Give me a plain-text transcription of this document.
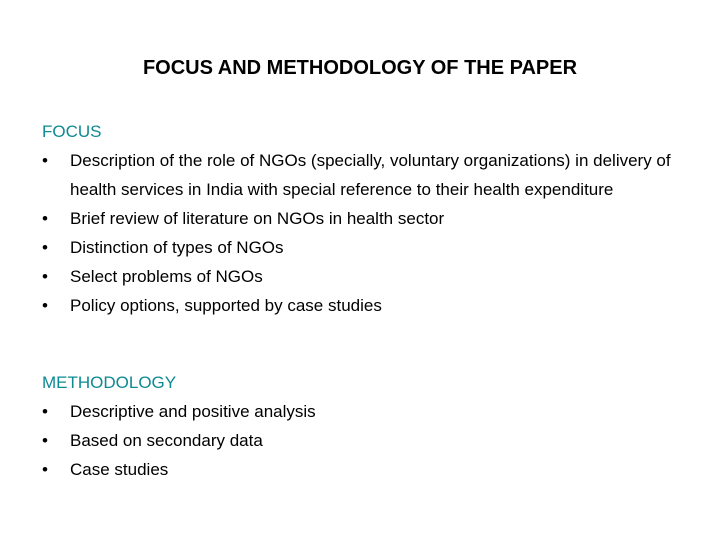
FOCUS AND METHODOLOGY OF THE PAPER
FOCUS
•	Description of the role of NGOs (specially, voluntary organizations) in delivery of health services in India with special reference to their health expenditure
•	Brief review of literature on NGOs in health sector
•	Distinction of types of NGOs
•	Select problems of NGOs
•	Policy options, supported by case studies
METHODOLOGY
•	Descriptive and positive analysis
•	Based on secondary data
•	Case studies
